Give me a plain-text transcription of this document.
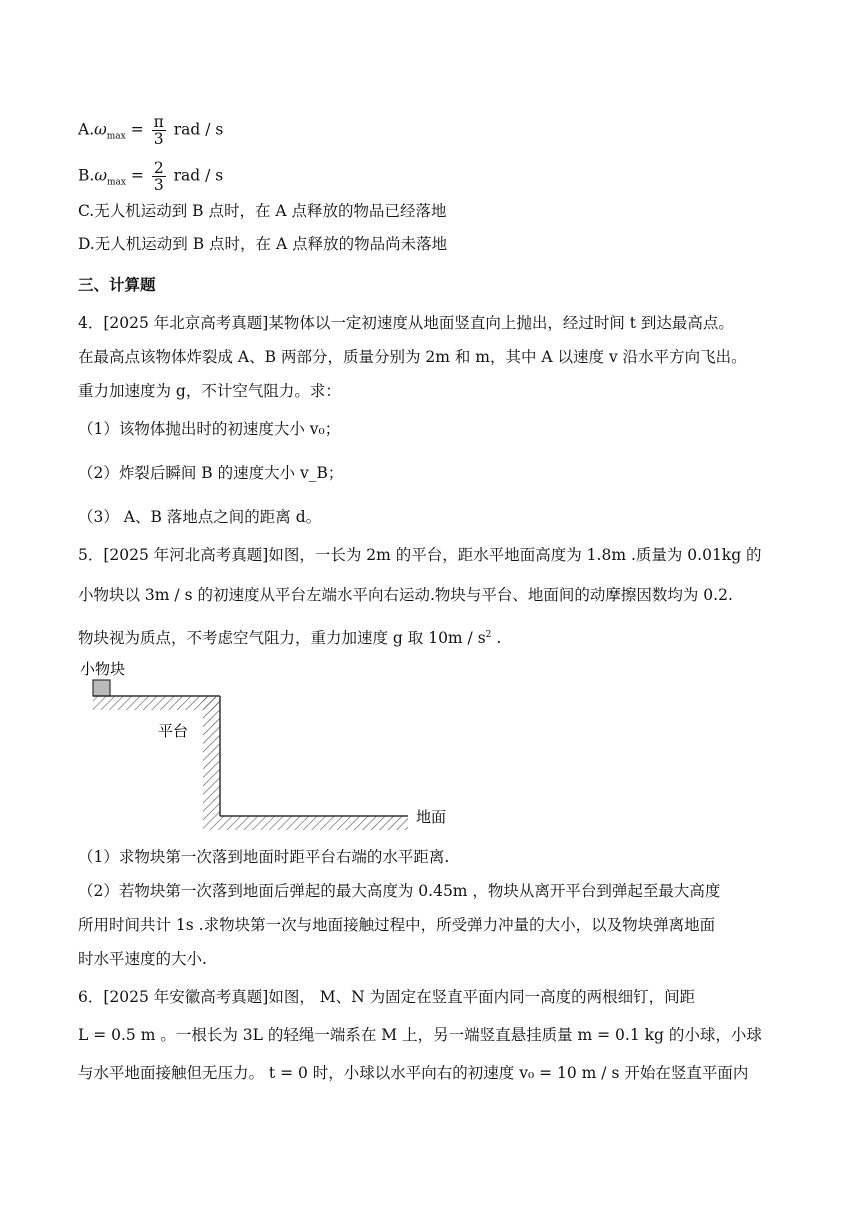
$A.\omega_{max} = \frac{\pi}{3}$ rad / s
$B.\omega_{max} = \frac{2}{3}$ rad / s
C.无人机运动到 B 点时，在 A 点释放的物品已经落地
D.无人机运动到 B 点时，在 A 点释放的物品尚未落地
三、计算题
4．[2025 年北京高考真题]某物体以一定初速度从地面竖直向上抛出，经过时间 t 到达最高点。
在最高点该物体炸裂成 A、B 两部分，质量分别为 2m 和 m，其中 A 以速度 v 沿水平方向飞出。
重力加速度为 g，不计空气阻力。求：
（1）该物体抛出时的初速度大小 v₀；
（2）炸裂后瞬间 B 的速度大小 v_B；
（3） A、B 落地点之间的距离 d。
5．[2025 年河北高考真题]如图，一长为 2m 的平台，距水平地面高度为 1.8m .质量为 0.01kg 的
小物块以 3m / s 的初速度从平台左端水平向右运动.物块与平台、地面间的动摩擦因数均为 0.2.
物块视为质点，不考虑空气阻力，重力加速度 g 取 $10m / s^2$ .
小物块
平台
地面
（1）求物块第一次落到地面时距平台右端的水平距离.
（2）若物块第一次落到地面后弹起的最大高度为 0.45m ，物块从离开平台到弹起至最大高度
所用时间共计 1s .求物块第一次与地面接触过程中，所受弹力冲量的大小，以及物块弹离地面
时水平速度的大小.
6．[2025 年安徽高考真题]如图， M、N 为固定在竖直平面内同一高度的两根细钉，间距
L = 0.5 m 。一根长为 3L 的轻绳一端系在 M 上，另一端竖直悬挂质量 m = 0.1 kg 的小球，小球
与水平地面接触但无压力。 t = 0 时，小球以水平向右的初速度 v₀ = 10 m / s 开始在竖直平面内
